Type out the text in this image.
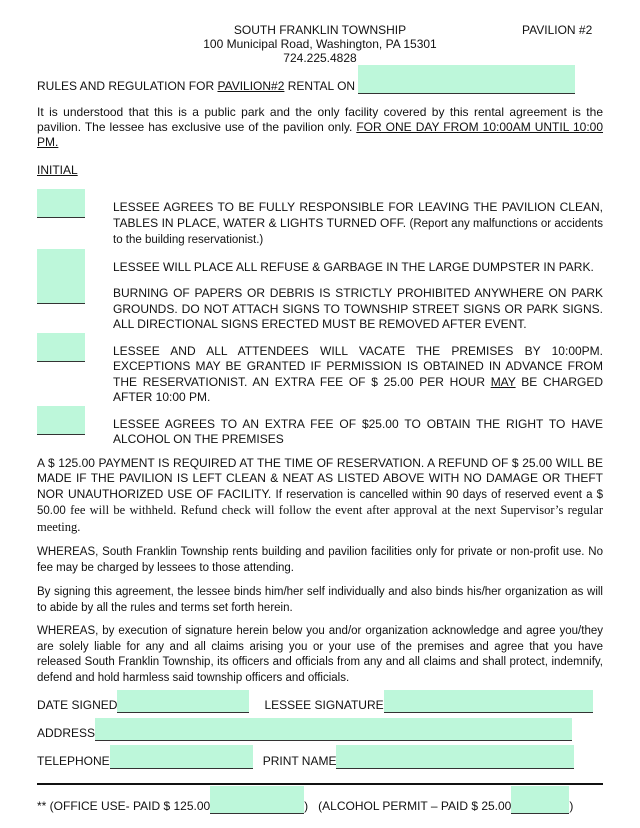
SOUTH FRANKLIN TOWNSHIP
100 Municipal Road, Washington, PA 15301
724.225.4828
PAVILION #2
RULES AND REGULATION FOR PAVILION#2 RENTAL ON
It is understood that this is a public park and the only facility covered by this rental agreement is the pavilion. The lessee has exclusive use of the pavilion only. FOR ONE DAY FROM 10:00AM UNTIL 10:00 PM.
INITIAL
LESSEE AGREES TO BE FULLY RESPONSIBLE FOR LEAVING THE PAVILION CLEAN, TABLES IN PLACE, WATER & LIGHTS TURNED OFF. (Report any malfunctions or accidents to the building reservationist.)
LESSEE WILL PLACE ALL REFUSE & GARBAGE IN THE LARGE DUMPSTER IN PARK.
BURNING OF PAPERS OR DEBRIS IS STRICTLY PROHIBITED ANYWHERE ON PARK GROUNDS. DO NOT ATTACH SIGNS TO TOWNSHIP STREET SIGNS OR PARK SIGNS. ALL DIRECTIONAL SIGNS ERECTED MUST BE REMOVED AFTER EVENT.
LESSEE AND ALL ATTENDEES WILL VACATE THE PREMISES BY 10:00PM. EXCEPTIONS MAY BE GRANTED IF PERMISSION IS OBTAINED IN ADVANCE FROM THE RESERVATIONIST. AN EXTRA FEE OF $ 25.00 PER HOUR MAY BE CHARGED AFTER 10:00 PM.
LESSEE AGREES TO AN EXTRA FEE OF $25.00 TO OBTAIN THE RIGHT TO HAVE ALCOHOL ON THE PREMISES
A $ 125.00 PAYMENT IS REQUIRED AT THE TIME OF RESERVATION. A REFUND OF $ 25.00 WILL BE MADE IF THE PAVILION IS LEFT CLEAN & NEAT AS LISTED ABOVE WITH NO DAMAGE OR THEFT NOR UNAUTHORIZED USE OF FACILITY. If reservation is cancelled within 90 days of reserved event a $ 50.00 fee will be withheld. Refund check will follow the event after approval at the next Supervisor’s regular meeting.
WHEREAS, South Franklin Township rents building and pavilion facilities only for private or non-profit use. No fee may be charged by lessees to those attending.
By signing this agreement, the lessee binds him/her self individually and also binds his/her organization as will to abide by all the rules and terms set forth herein.
WHEREAS, by execution of signature herein below you and/or organization acknowledge and agree you/they are solely liable for any and all claims arising you or your use of the premises and agree that you have released South Franklin Township, its officers and officials from any and all claims and shall protect, indemnify, defend and hold harmless said township officers and officials.
DATE SIGNED	LESSEE SIGNATURE
ADDRESS
TELEPHONE	PRINT NAME
** (OFFICE USE- PAID $ 125.00	) (ALCOHOL PERMIT – PAID $ 25.00	)
